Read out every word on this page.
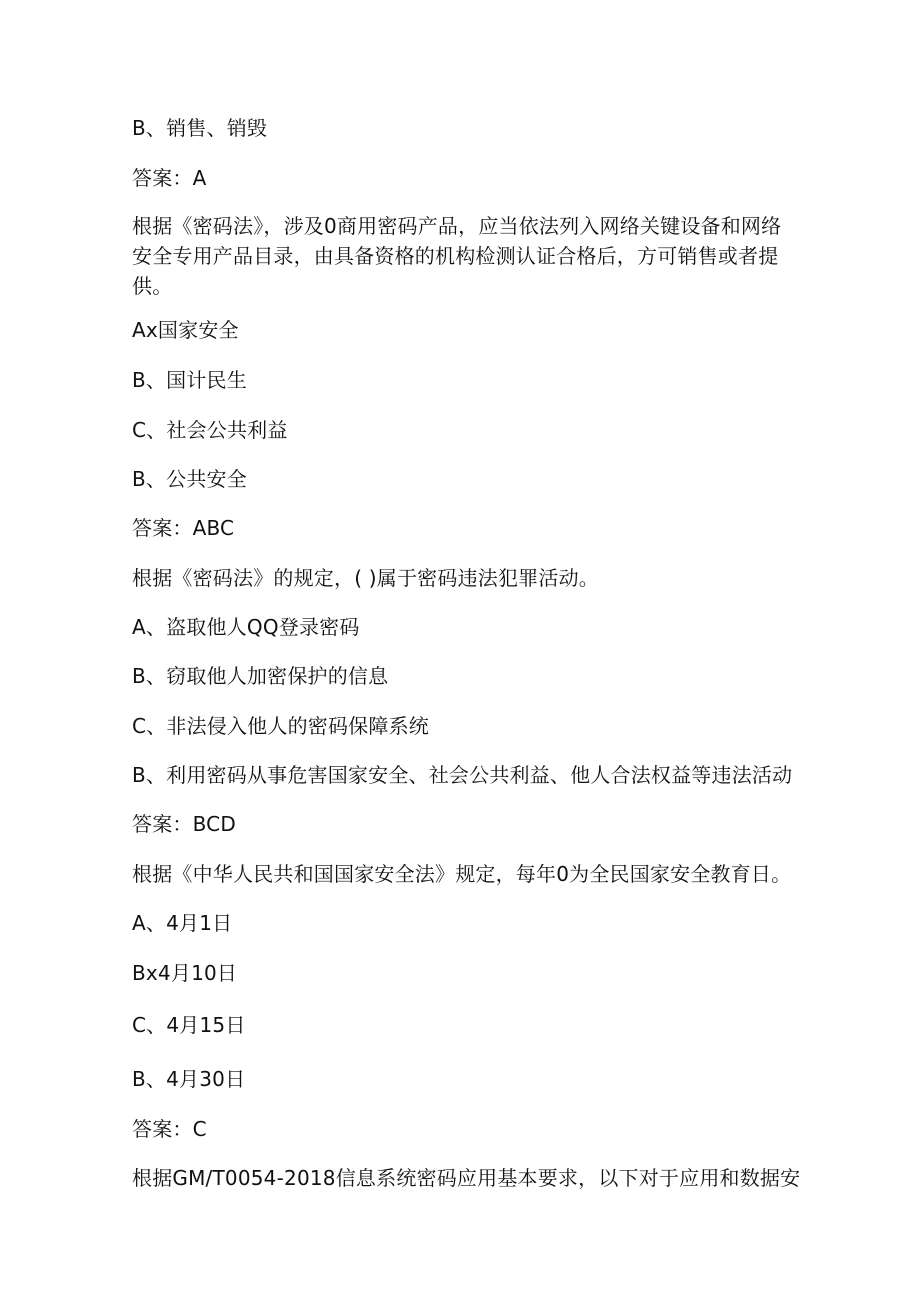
B、销售、销毁
答案：A
根据《密码法》，涉及0商用密码产品，应当依法列入网络关键设备和网络安全专用产品目录，由具备资格的机构检测认证合格后，方可销售或者提供。
Ax国家安全
B、国计民生
C、社会公共利益
B、公共安全
答案：ABC
根据《密码法》的规定，( )属于密码违法犯罪活动。
A、盗取他人QQ登录密码
B、窃取他人加密保护的信息
C、非法侵入他人的密码保障系统
B、利用密码从事危害国家安全、社会公共利益、他人合法权益等违法活动
答案：BCD
根据《中华人民共和国国家安全法》规定，每年0为全民国家安全教育日。
A、4月1日
Bx4月10日
C、4月15日
B、4月30日
答案：C
根据GM/T0054-2018信息系统密码应用基本要求，以下对于应用和数据安
